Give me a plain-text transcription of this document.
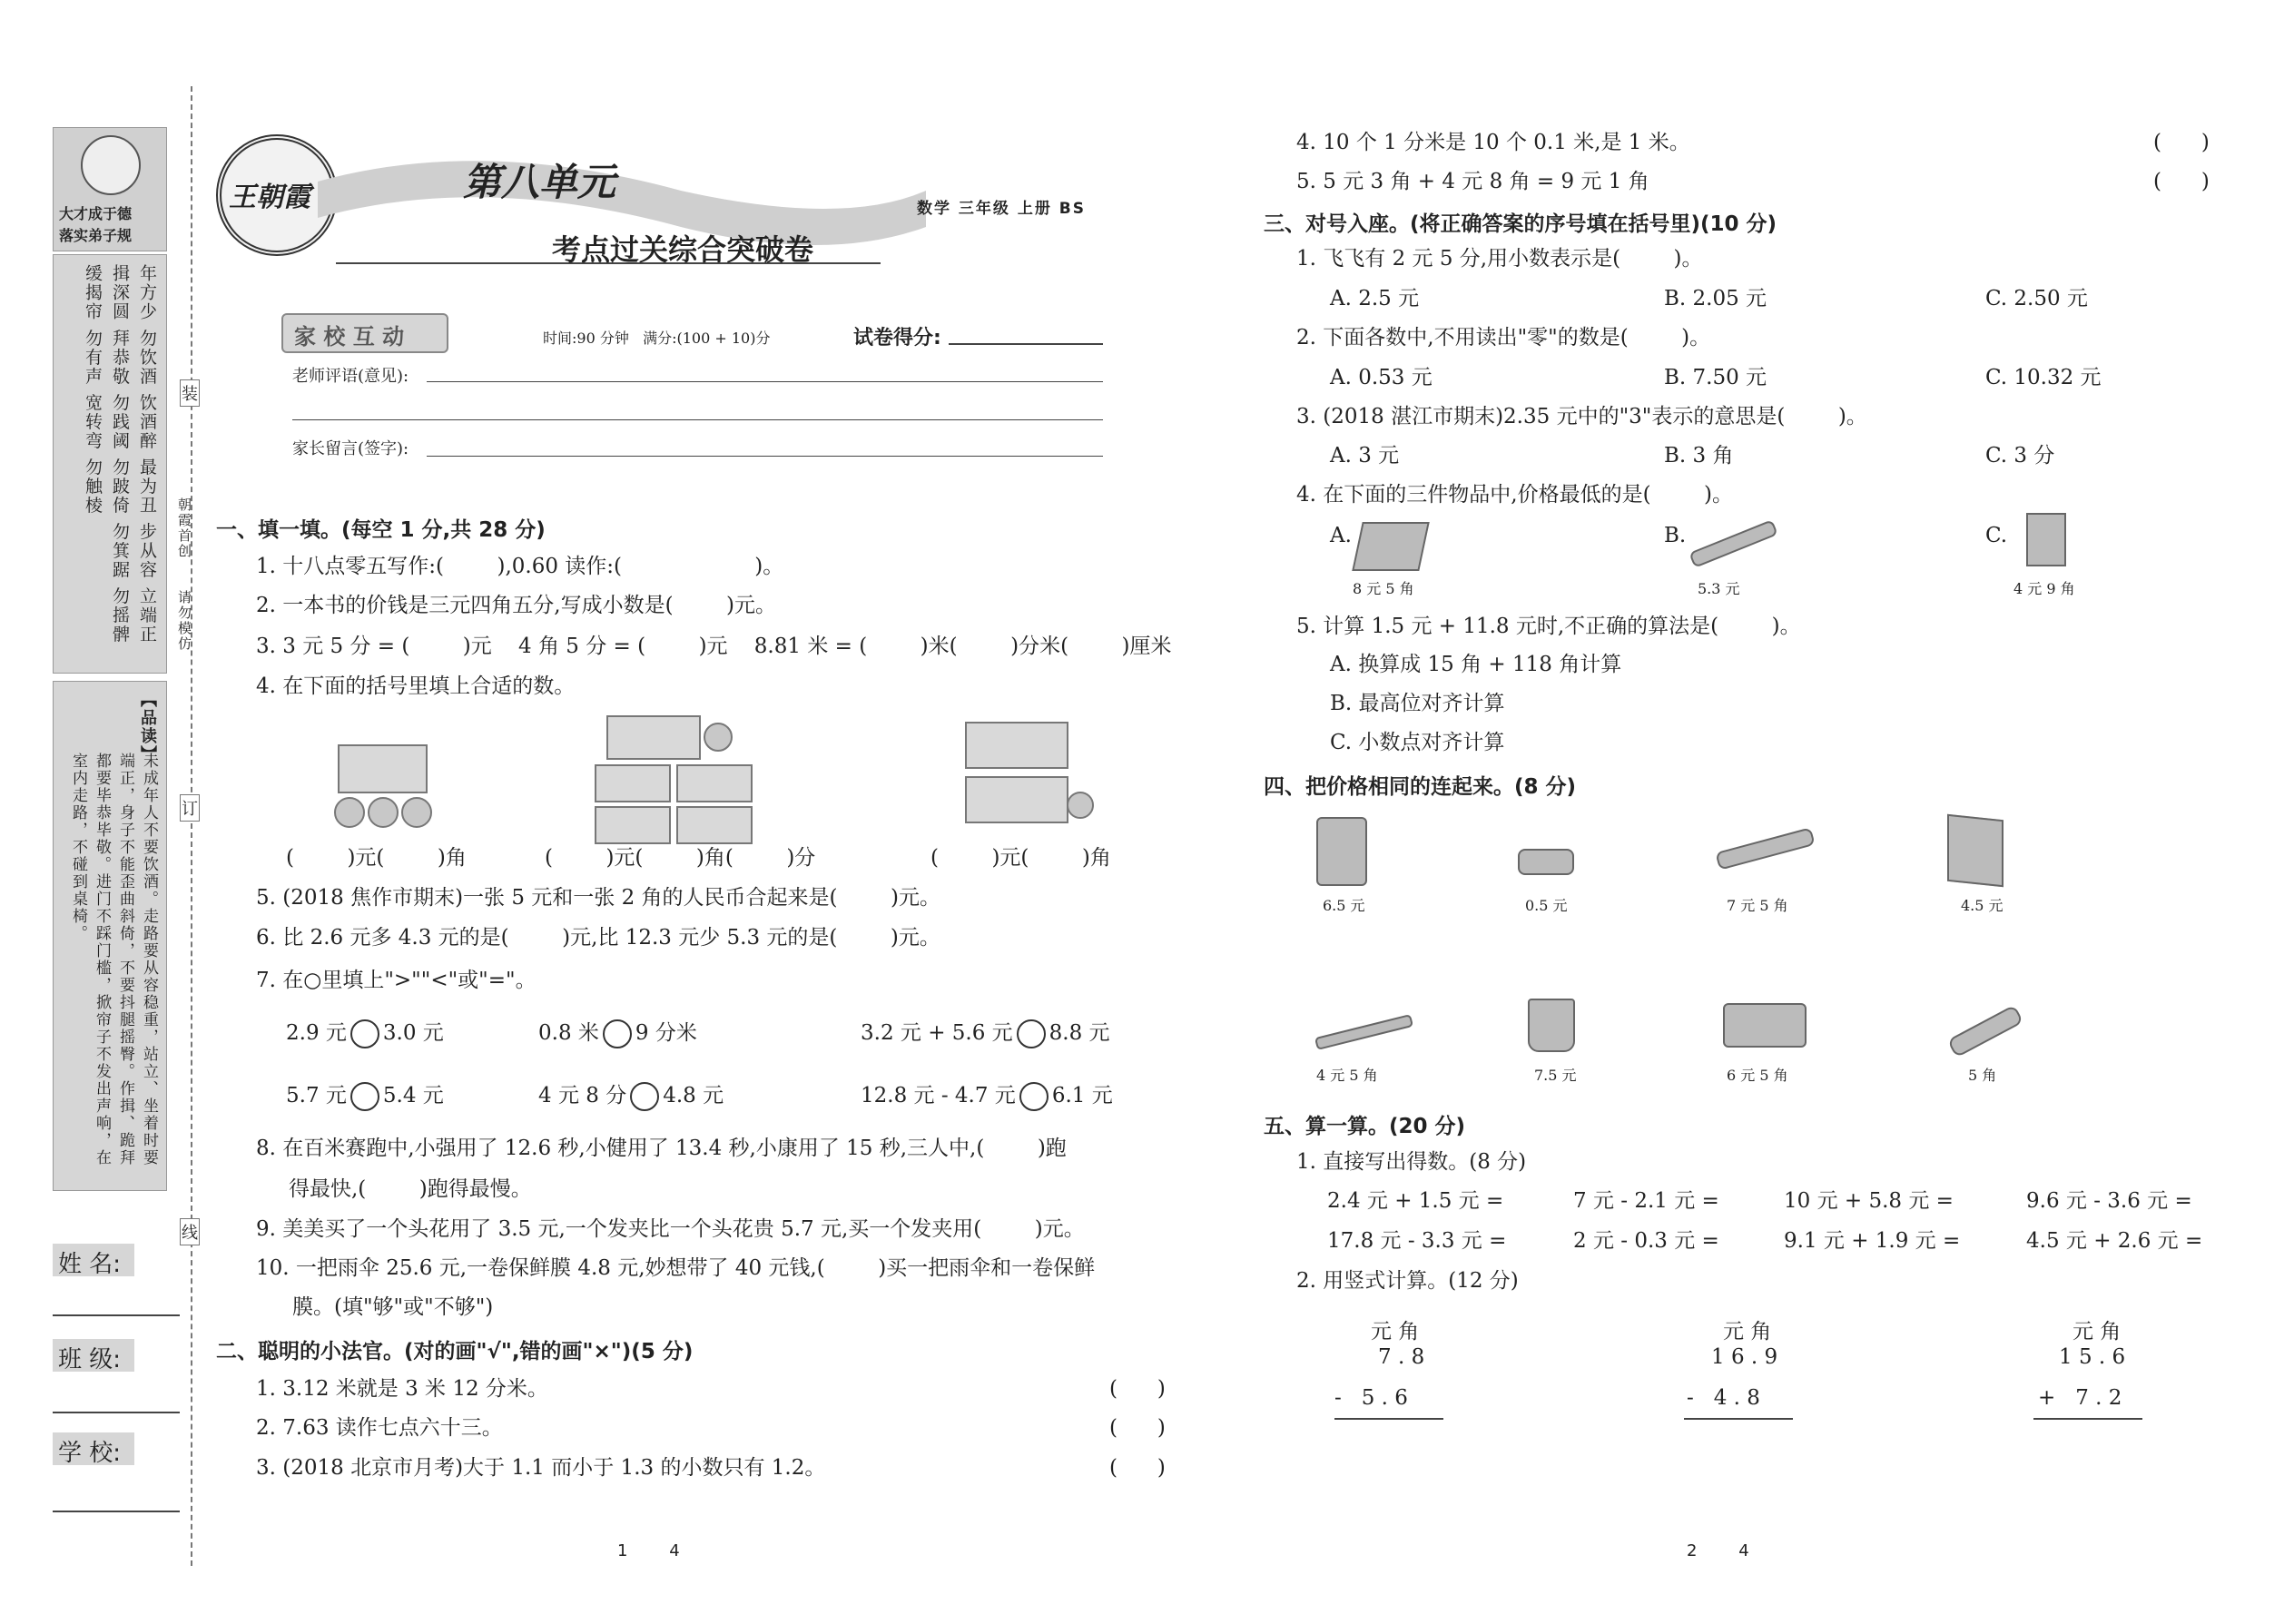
大才成于德
落实弟子规
年方少 勿饮酒 饮酒醉 最为丑 步从容 立端正 揖深圆 拜恭敬 勿践阈 勿跛倚 勿箕踞 勿摇髀 缓揭帘 勿有声 宽转弯 勿触棱
【品读】
未成年人不要饮酒。走路要从容稳重，站立、坐着时要端正，身子不能歪曲斜倚，不要抖腿摇臀。作揖、跪拜都要毕恭毕敬。进门不踩门槛，掀帘子不发出声响，在室内走路，不碰到桌椅。
姓 名:
班 级:
学 校:
装
订
线
朝霞首创
请勿模仿
王朝霞	第八单元
考点过关综合突破卷
数学 三年级 上册 BS
家 校 互 动	时间:90 分钟   满分:(100 + 10)分	试卷得分:
老师评语(意见):
家长留言(签字):
一、填一填。(每空 1 分,共 28 分)
1. 十八点零五写作:(        ),0.60 读作:(                    )。
2. 一本书的价钱是三元四角五分,写成小数是(        )元。
3. 3 元 5 分 = (        )元    4 角 5 分 = (        )元    8.81 米 = (        )米(        )分米(        )厘米
4. 在下面的括号里填上合适的数。
(        )元(        )角	(        )元(        )角(        )分	(        )元(        )角
5. (2018 焦作市期末)一张 5 元和一张 2 角的人民币合起来是(        )元。
6. 比 2.6 元多 4.3 元的是(        )元,比 12.3 元少 5.3 元的是(        )元。
7. 在○里填上">""<"或"="。
2.9 元 3.0 元	0.8 米 9 分米	3.2 元 + 5.6 元 8.8 元
5.7 元 5.4 元	4 元 8 分 4.8 元	12.8 元 - 4.7 元 6.1 元
8. 在百米赛跑中,小强用了 12.6 秒,小健用了 13.4 秒,小康用了 15 秒,三人中,(        )跑
得最快,(        )跑得最慢。
9. 美美买了一个头花用了 3.5 元,一个发夹比一个头花贵 5.7 元,买一个发夹用(        )元。
10. 一把雨伞 25.6 元,一卷保鲜膜 4.8 元,妙想带了 40 元钱,(        )买一把雨伞和一卷保鲜
膜。(填"够"或"不够")
二、聪明的小法官。(对的画"√",错的画"×")(5 分)
1. 3.12 米就是 3 米 12 分米。	(      )
2. 7.63 读作七点六十三。	(      )
3. (2018 北京市月考)大于 1.1 而小于 1.3 的小数只有 1.2。	(      )
1        4
4. 10 个 1 分米是 10 个 0.1 米,是 1 米。	(      )
5. 5 元 3 角 + 4 元 8 角 = 9 元 1 角	(      )
三、对号入座。(将正确答案的序号填在括号里)(10 分)
1. 飞飞有 2 元 5 分,用小数表示是(        )。
A. 2.5 元	B. 2.05 元	C. 2.50 元
2. 下面各数中,不用读出"零"的数是(        )。
A. 0.53 元	B. 7.50 元	C. 10.32 元
3. (2018 湛江市期末)2.35 元中的"3"表示的意思是(        )。
A. 3 元	B. 3 角	C. 3 分
4. 在下面的三件物品中,价格最低的是(        )。
A.
8 元 5 角
B.
5.3 元
C.
4 元 9 角
5. 计算 1.5 元 + 11.8 元时,不正确的算法是(        )。
A. 换算成 15 角 + 118 角计算
B. 最高位对齐计算
C. 小数点对齐计算
四、把价格相同的连起来。(8 分)
6.5 元	0.5 元	7 元 5 角	4.5 元
4 元 5 角	7.5 元	6 元 5 角	5 角
五、算一算。(20 分)
1. 直接写出得数。(8 分)
2.4 元 + 1.5 元 =	7 元 - 2.1 元 =	10 元 + 5.8 元 =	9.6 元 - 3.6 元 =
17.8 元 - 3.3 元 =	2 元 - 0.3 元 =	9.1 元 + 1.9 元 =	4.5 元 + 2.6 元 =
2. 用竖式计算。(12 分)
元 角
7 . 8
-   5 . 6
元 角
1 6 . 9
-   4 . 8
元 角
1 5 . 6
+   7 . 2
2        4
